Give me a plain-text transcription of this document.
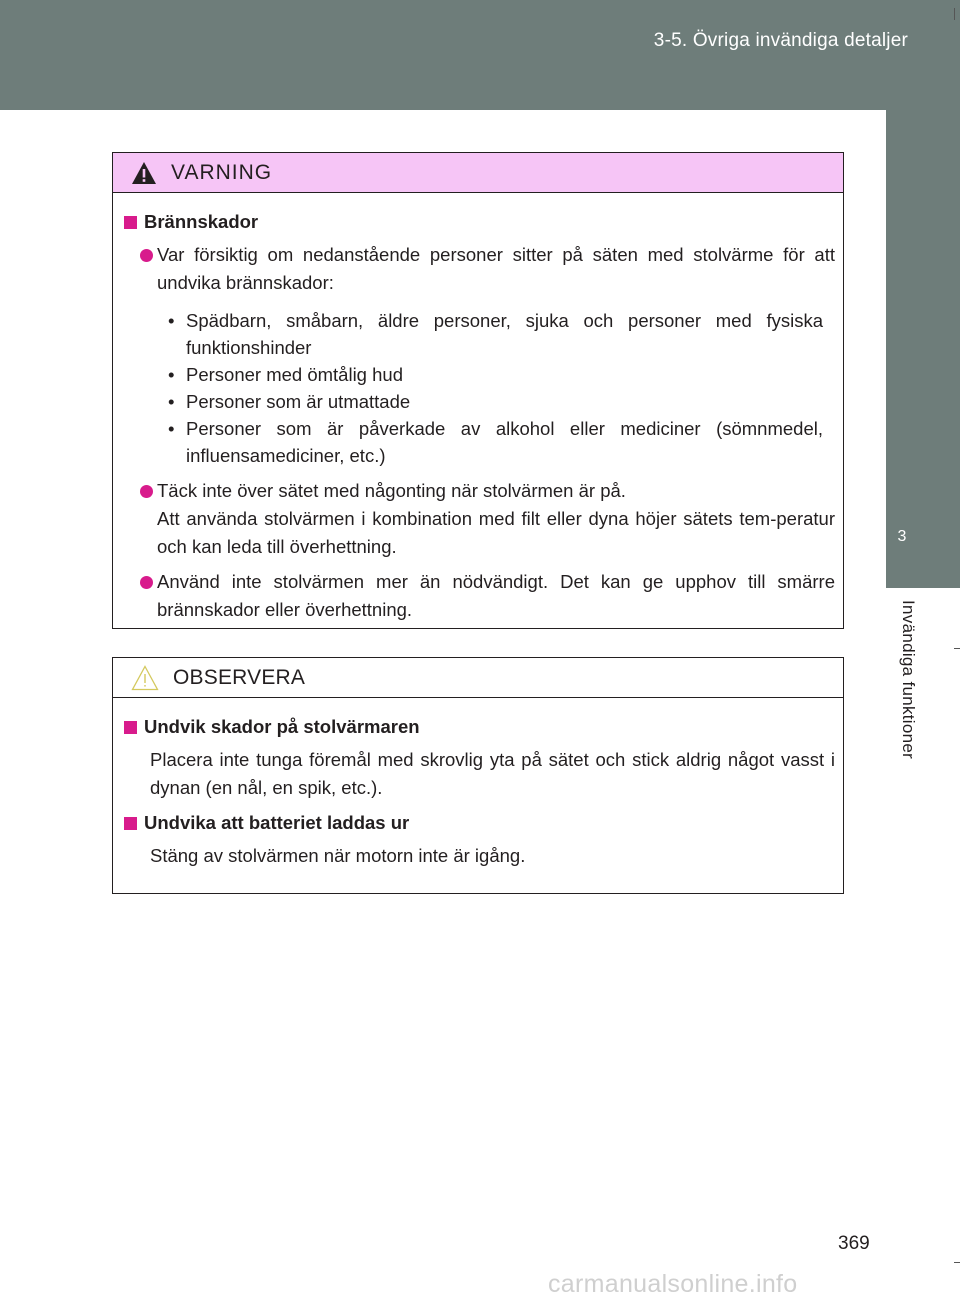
3-5. Övriga invändiga detaljer
3
Invändiga funktioner
VARNING
Brännskador
Var försiktig om nedanstående personer sitter på säten med stolvärme för att undvika brännskador:
• Spädbarn, småbarn, äldre personer, sjuka och personer med fysiska funktionshinder
• Personer med ömtålig hud
• Personer som är utmattade
• Personer som är påverkade av alkohol eller mediciner (sömnmedel, influensamediciner, etc.)
Täck inte över sätet med någonting när stolvärmen är på.
Att använda stolvärmen i kombination med filt eller dyna höjer sätets tem-peratur och kan leda till överhettning.
Använd inte stolvärmen mer än nödvändigt. Det kan ge upphov till smärre brännskador eller överhettning.
OBSERVERA
Undvik skador på stolvärmaren
Placera inte tunga föremål med skrovlig yta på sätet och stick aldrig något vasst i dynan (en nål, en spik, etc.).
Undvika att batteriet laddas ur
Stäng av stolvärmen när motorn inte är igång.
369
carmanualsonline.info
